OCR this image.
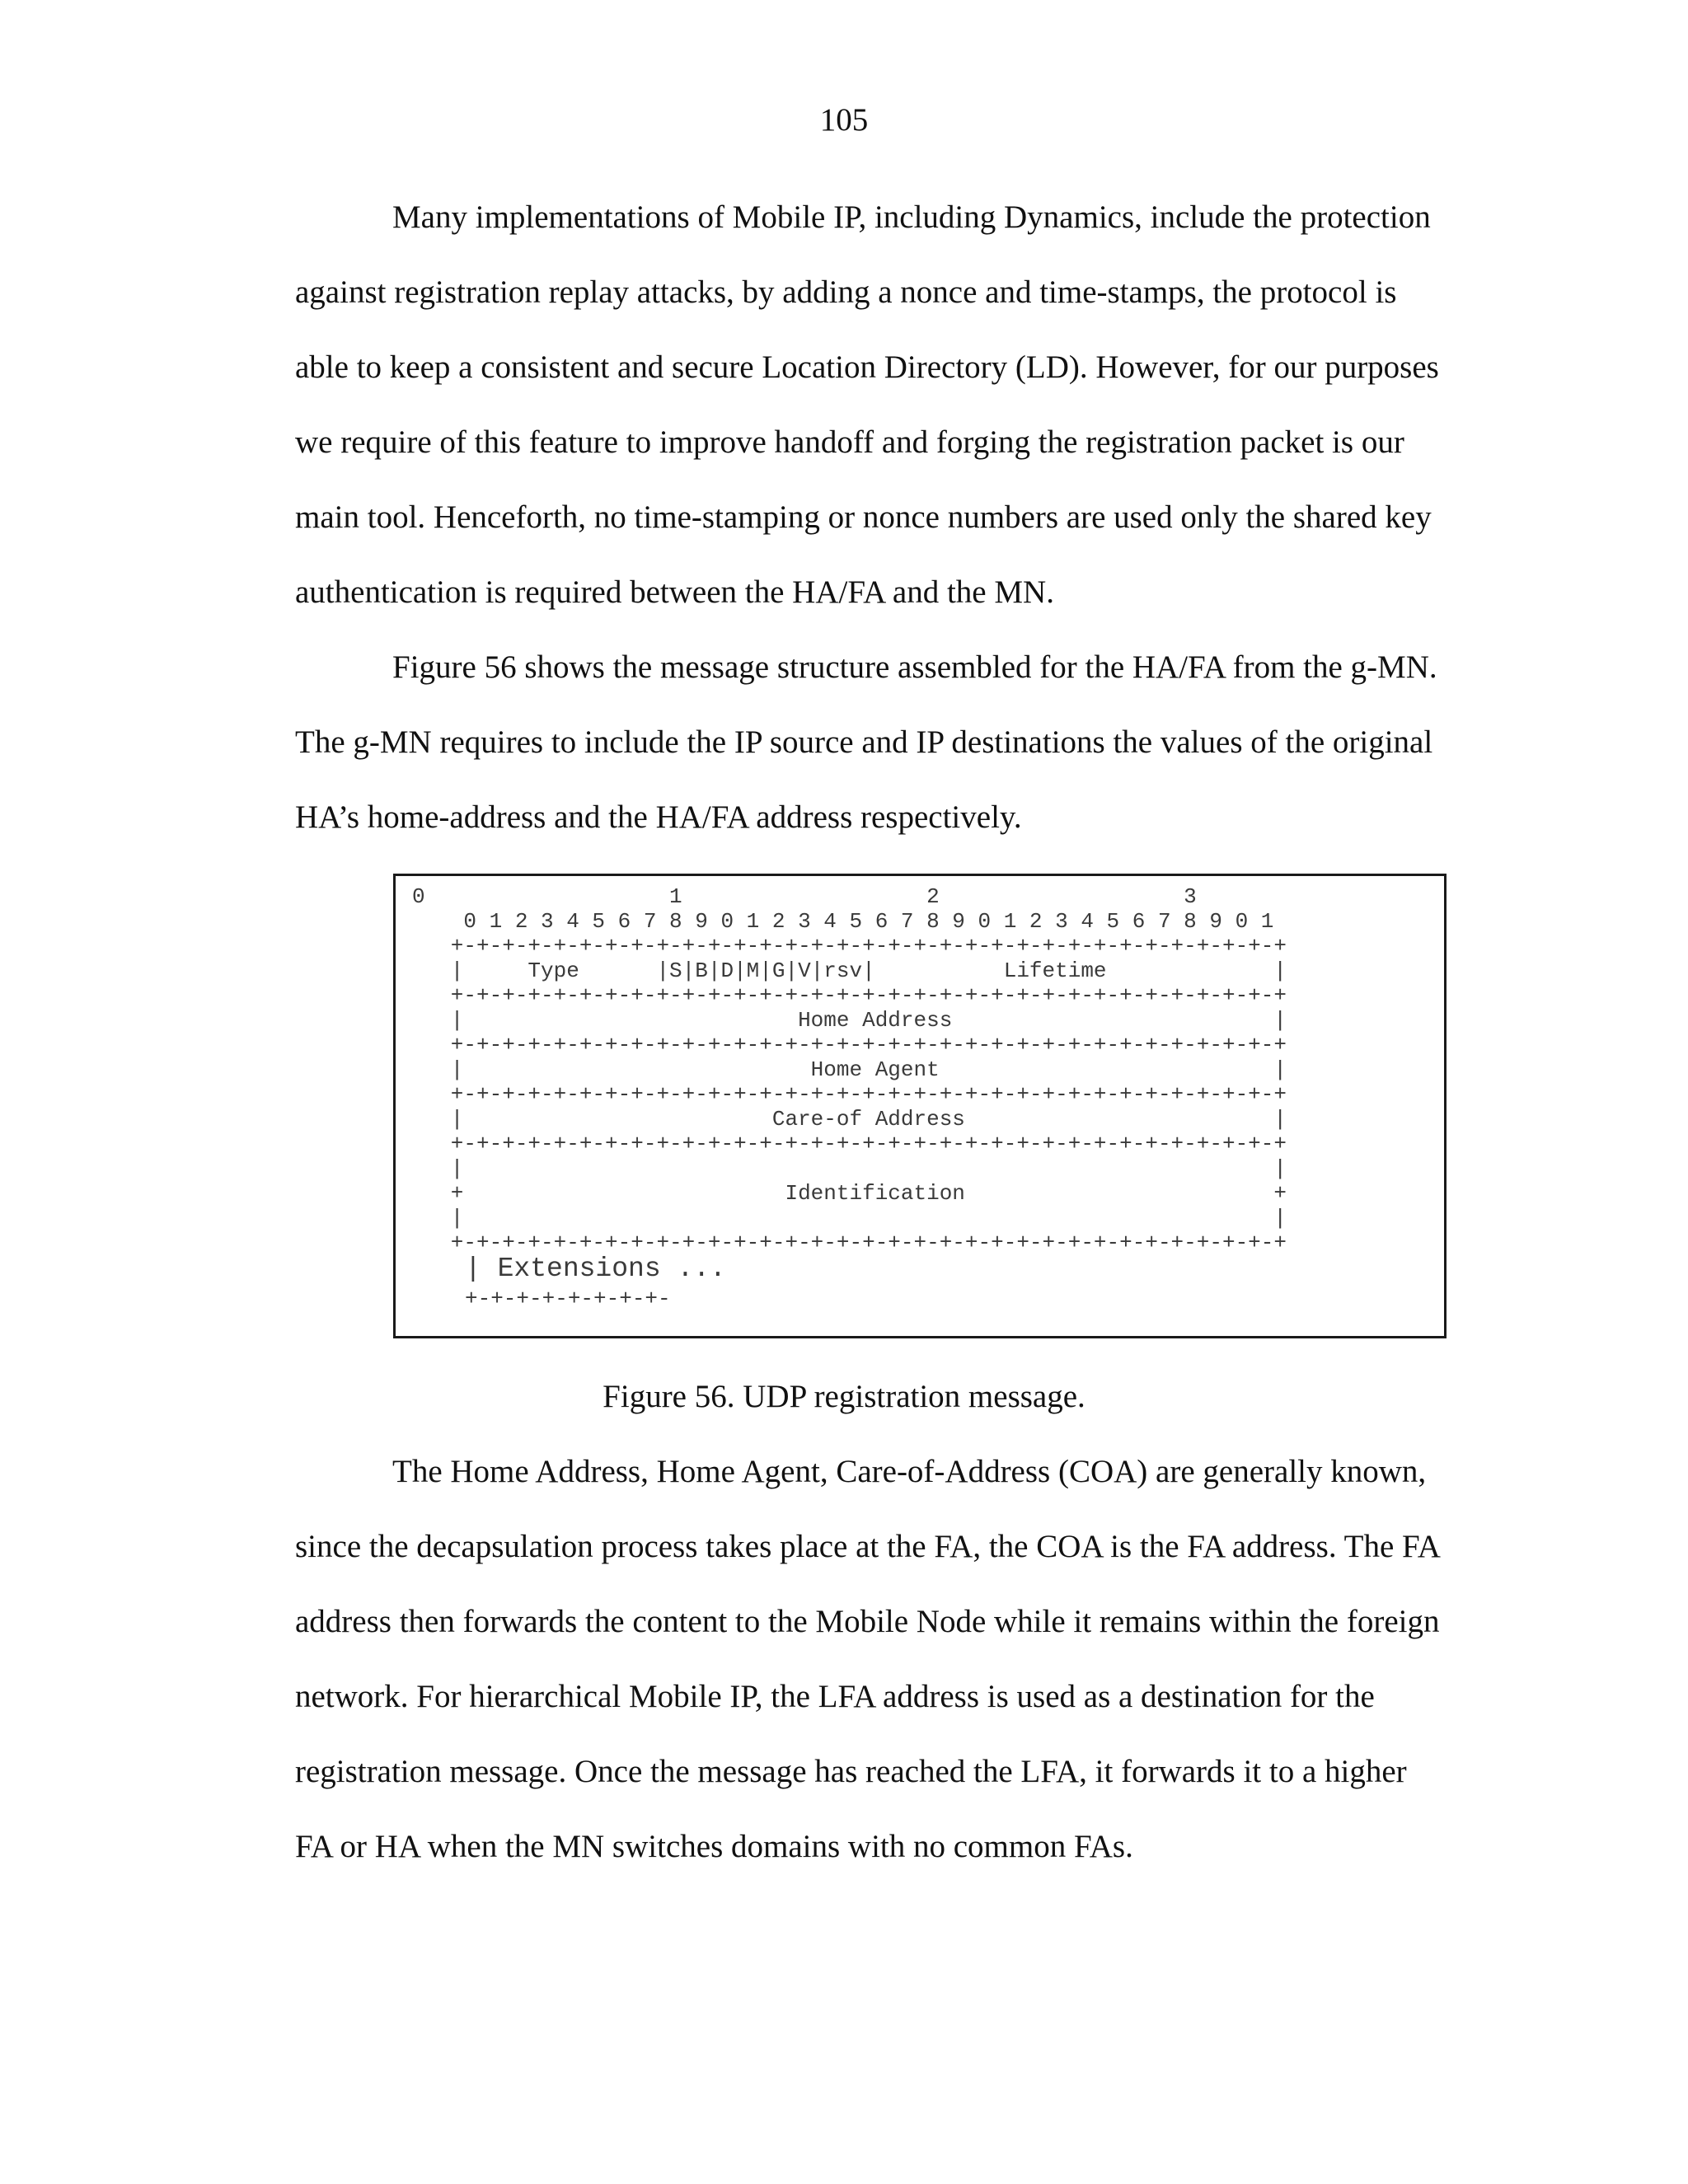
105
Many implementations of Mobile IP, including Dynamics, include the protection
against registration replay attacks, by adding a nonce and time-stamps, the protocol is
able to keep a consistent and secure Location Directory (LD). However, for our purposes
we require of this feature to improve handoff and forging the registration packet is our
main tool. Henceforth, no time-stamping or nonce numbers are used only the shared key
authentication is required between the HA/FA and the MN.
Figure 56 shows the message structure assembled for the HA/FA from the g-MN.
The g-MN requires to include the IP source and IP destinations the values of the original
HA’s home-address and the HA/FA address respectively.
0                   1                   2                   3
0 1 2 3 4 5 6 7 8 9 0 1 2 3 4 5 6 7 8 9 0 1 2 3 4 5 6 7 8 9 0 1
+-+-+-+-+-+-+-+-+-+-+-+-+-+-+-+-+-+-+-+-+-+-+-+-+-+-+-+-+-+-+-+-+
|     Type      |S|B|D|M|G|V|rsv|          Lifetime             |
+-+-+-+-+-+-+-+-+-+-+-+-+-+-+-+-+-+-+-+-+-+-+-+-+-+-+-+-+-+-+-+-+
|                          Home Address                         |
+-+-+-+-+-+-+-+-+-+-+-+-+-+-+-+-+-+-+-+-+-+-+-+-+-+-+-+-+-+-+-+-+
|                           Home Agent                          |
+-+-+-+-+-+-+-+-+-+-+-+-+-+-+-+-+-+-+-+-+-+-+-+-+-+-+-+-+-+-+-+-+
|                        Care-of Address                        |
+-+-+-+-+-+-+-+-+-+-+-+-+-+-+-+-+-+-+-+-+-+-+-+-+-+-+-+-+-+-+-+-+
|                                                               |
+                         Identification                        +
|                                                               |
+-+-+-+-+-+-+-+-+-+-+-+-+-+-+-+-+-+-+-+-+-+-+-+-+-+-+-+-+-+-+-+-+
| Extensions ...
+-+-+-+-+-+-+-+-
Figure 56. UDP registration message.
The Home Address, Home Agent, Care-of-Address (COA) are generally known,
since the decapsulation process takes place at the FA, the COA is the FA address. The FA
address then forwards the content to the Mobile Node while it remains within the foreign
network. For hierarchical Mobile IP, the LFA address is used as a destination for the
registration message. Once the message has reached the LFA, it forwards it to a higher
FA or HA when the MN switches domains with no common FAs.
